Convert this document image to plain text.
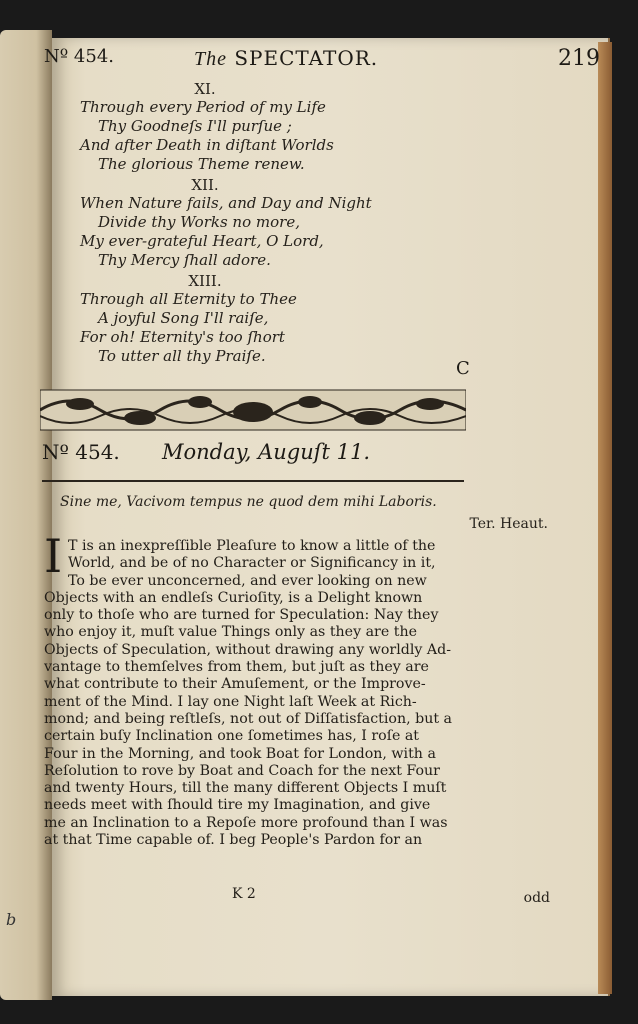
b
Nº 454.	The SPECTATOR.	219
XI.
Through every Period of my Life
Thy Goodneſs I'll purſue ;
And after Death in diſtant Worlds
The glorious Theme renew.
XII.
When Nature fails, and Day and Night
Divide thy Works no more,
My ever-grateful Heart, O Lord,
Thy Mercy ſhall adore.
XIII.
Through all Eternity to Thee
A joyful Song I'll raiſe,
For oh! Eternity's too ſhort
To utter all thy Praiſe.
C
Nº 454. Monday, Auguſt 11.
Sine me, Vacivom tempus ne quod dem mihi Laboris.
Ter. Heaut.
I T is an inexpreſſible Pleaſure to know a little of the
World, and be of no Character or Significancy in it,
To be ever unconcerned, and ever looking on new
Objects with an endleſs Curioſity, is a Delight known
only to thoſe who are turned for Speculation: Nay they
who enjoy it, muſt value Things only as they are the
Objects of Speculation, without drawing any worldly Ad-
vantage to themſelves from them, but juſt as they are
what contribute to their Amuſement, or the Improve-
ment of the Mind. I lay one Night laſt Week at Rich-
mond; and being reſtleſs, not out of Diſſatisfaction, but a
certain buſy Inclination one ſometimes has, I roſe at
Four in the Morning, and took Boat for London, with a
Reſolution to rove by Boat and Coach for the next Four
and twenty Hours, till the many different Objects I muſt
needs meet with ſhould tire my Imagination, and give
me an Inclination to a Repoſe more profound than I was
at that Time capable of. I beg People's Pardon for an
K 2	odd
